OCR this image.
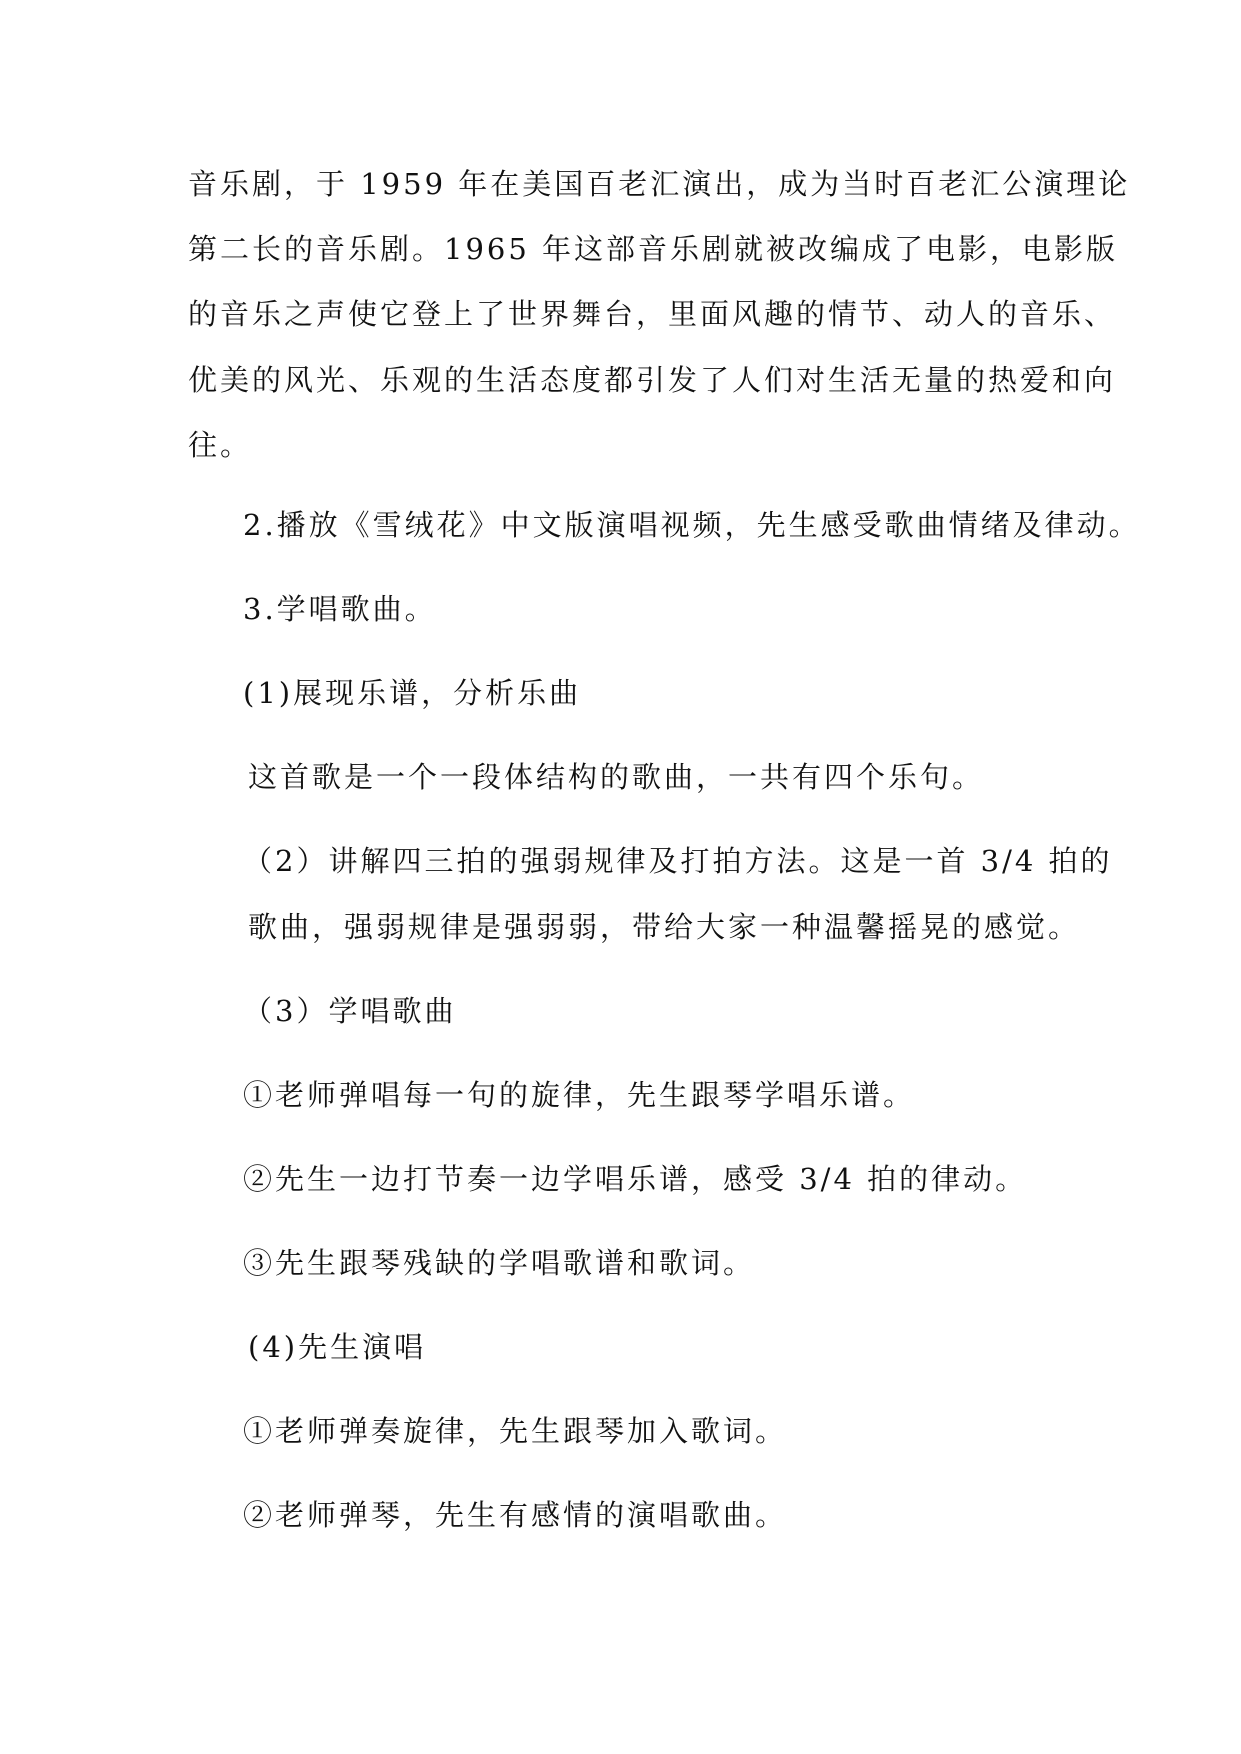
音乐剧，于 1959 年在美国百老汇演出，成为当时百老汇公演理论

第二长的音乐剧。1965 年这部音乐剧就被改编成了电影，电影版

的音乐之声使它登上了世界舞台，里面风趣的情节、动人的音乐、

优美的风光、乐观的生活态度都引发了人们对生活无量的热爱和向

往。

2.播放《雪绒花》中文版演唱视频，先生感受歌曲情绪及律动。

3.学唱歌曲。

(1)展现乐谱，分析乐曲

这首歌是一个一段体结构的歌曲，一共有四个乐句。

（2）讲解四三拍的强弱规律及打拍方法。这是一首 3/4 拍的

歌曲，强弱规律是强弱弱，带给大家一种温馨摇晃的感觉。

（3）学唱歌曲

①老师弹唱每一句的旋律，先生跟琴学唱乐谱。

②先生一边打节奏一边学唱乐谱，感受 3/4 拍的律动。

③先生跟琴残缺的学唱歌谱和歌词。

(4)先生演唱

①老师弹奏旋律，先生跟琴加入歌词。

②老师弹琴，先生有感情的演唱歌曲。
